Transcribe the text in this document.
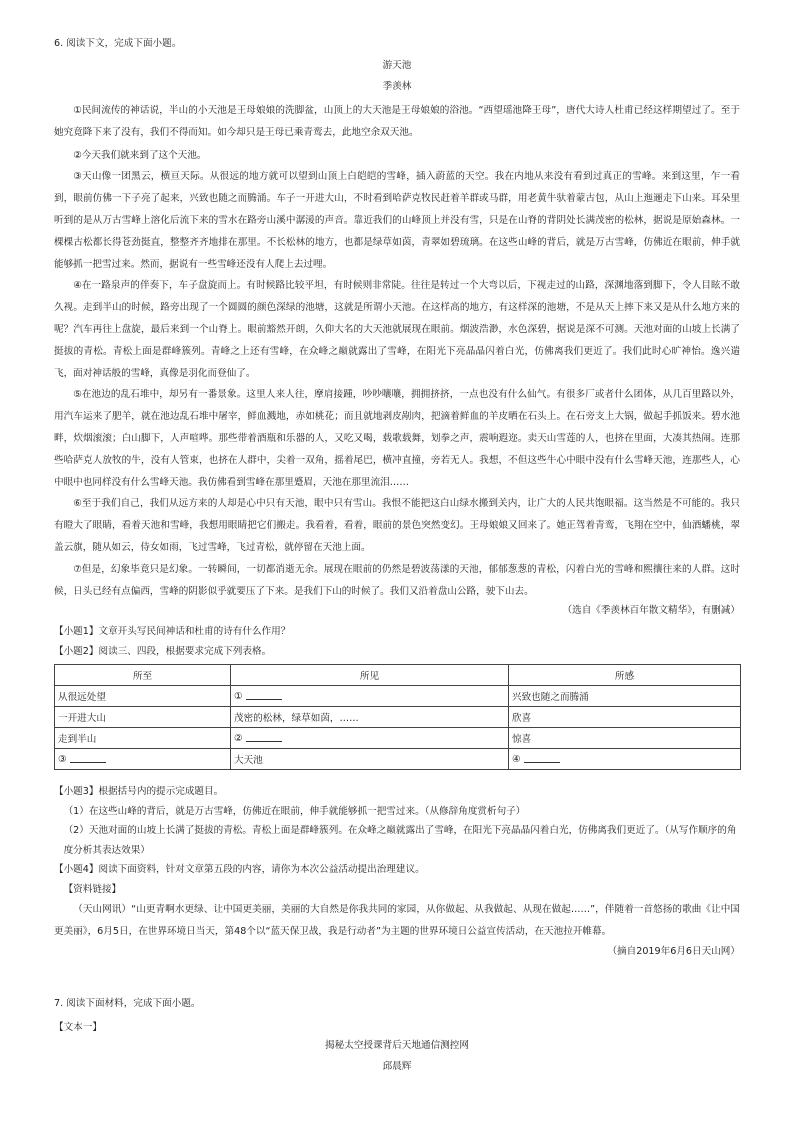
6. 阅读下文，完成下面小题。
游天池
季羡林

①民间流传的神话说，半山的小天池是王母娘娘的洗脚盆，山顶上的大天池是王母娘娘的浴池。“西望瑶池降王母”，唐代大诗人杜甫已经这样期望过了。至于她究竟降下来了没有，我们不得而知。如今却只是王母已乘青鸾去，此地空余双天池。

②今天我们就来到了这个天池。

③天山像一团黑云，横亘天际。从很远的地方就可以望到山顶上白皑皑的雪峰，插入蔚蓝的天空。我在内地从来没有看到过真正的雪峰。来到这里，乍一看到，眼前仿佛一下子亮了起来，兴致也随之而腾涌。车子一开进大山，不时看到哈萨克牧民赶着羊群或马群，用老黄牛驮着蒙古包，从山上迤逦走下山来。耳朵里听到的是从万古雪峰上溶化后流下来的雪水在路旁山溪中潺湲的声音。靠近我们的山峰顶上并没有雪，只是在山脊的背阴处长满茂密的松林，据说是原始森林。一棵棵古松都长得苍劲挺直，整整齐齐地排在那里。不长松林的地方，也都是绿草如茵，青翠如碧琉璃。在这些山峰的背后，就是万古雪峰，仿佛近在眼前，伸手就能够抓一把雪过来。然而，据说有一些雪峰还没有人爬上去过哩。

④在一路泉声的伴奏下，车子盘旋而上。有时候路比较平坦，有时候则非常陡。往往是转过一个大弯以后，下视走过的山路，深渊地落到脚下，令人目眩不敢久视。走到半山的时候，路旁出现了一个圆圆的颜色深绿的池塘，这就是所谓小天池。在这样高的地方，有这样深的池塘，不是从天上摔下来又是从什么地方来的呢？汽车再往上盘旋，最后来到一个山脊上。眼前豁然开朗，久仰大名的大天池就展现在眼前。烟波浩渺，水色深碧，据说是深不可测。天池对面的山坡上长满了挺拔的青松。青松上面是群峰簇列。青峰之上还有雪峰，在众峰之巅就露出了雪峰，在阳光下亮晶晶闪着白光，仿佛离我们更近了。我们此时心旷神怡。逸兴遄飞，面对神话般的雪峰，真像是羽化而登仙了。

⑤在池边的乱石堆中，却另有一番景象。这里人来人往，摩肩接踵，吵吵嚷嚷，拥拥挤挤，一点也没有什么仙气。有很多厂或者什么团体，从几百里路以外，用汽车运来了肥羊，就在池边乱石堆中屠宰，鲜血溅地，赤如桃花；而且就地剥皮剐肉，把滴着鲜血的羊皮晒在石头上。在石旁支上大锅，做起手抓饭来。碧水池畔，炊烟滚滚；白山脚下，人声喧哗。那些带着酒瓶和乐器的人，又吃又喝，载歌载舞，划拳之声，震响遐迩。卖天山雪莲的人，也挤在里面，大凑其热闹。连那些哈萨克人放牧的牛，没有人管束，也挤在人群中，尖着一双角，摇着尾巴，横冲直撞，旁若无人。我想，不但这些牛心中眼中没有什么雪峰天池，连那些人，心中眼中也同样没有什么雪峰天池。我仿佛看到雪峰在那里蹙眉，天池在那里流泪……

⑥至于我们自己，我们从远方来的人却是心中只有天池，眼中只有雪山。我恨不能把这白山绿水搬到关内，让广大的人民共饱眼福。这当然是不可能的。我只有瞪大了眼睛，看着天池和雪峰，我想用眼睛把它们搬走。我看着，看着，眼前的景色突然变幻。王母娘娘又回来了。她正驾着青鸾，飞翔在空中，仙酒蟠桃，翠盖云旗，随从如云，侍女如雨，飞过雪峰，飞过青松，就停留在天池上面。

⑦但是，幻象毕竟只是幻象。一转瞬间，一切都消逝无余。展现在眼前的仍然是碧波荡漾的天池，郁郁葱葱的青松，闪着白光的雪峰和熙攘往来的人群。这时候，日头已经有点偏西，雪峰的阴影似乎就要压了下来。是我们下山的时候了。我们又沿着盘山公路，驶下山去。

（选自《季羡林百年散文精华》，有删减）

【小题1】文章开头写民间神话和杜甫的诗有什么作用？

【小题2】阅读三、四段，根据要求完成下列表格。

所至	所见	所感
从很远处望	①	兴致也随之而腾涌
一开进大山	茂密的松林，绿草如茵，……	欣喜
走到半山	②	惊喜
③	大天池	④

【小题3】根据括号内的提示完成题目。

（1）在这些山峰的背后，就是万古雪峰，仿佛近在眼前，伸手就能够抓一把雪过来。（从修辞角度赏析句子）

（2）天池对面的山坡上长满了挺拔的青松。青松上面是群峰簇列。在众峰之巅就露出了雪峰，在阳光下亮晶晶闪着白光，仿佛离我们更近了。（从写作顺序的角度分析其表达效果）

【小题4】阅读下面资料，针对文章第五段的内容，请你为本次公益活动提出治理建议。

【资料链接】

（天山网讯）“山更青啊水更绿、让中国更美丽，美丽的大自然是你我共同的家园，从你做起、从我做起、从现在做起……”，伴随着一首悠扬的歌曲《让中国更美丽》，6月5日，在世界环境日当天，第48个以“蓝天保卫战，我是行动者”为主题的世界环境日公益宣传活动，在天池拉开帷幕。

（摘自2019年6月6日天山网）
7. 阅读下面材料，完成下面小题。

【文本一】

揭秘太空授课背后天地通信测控网
邱晨辉
